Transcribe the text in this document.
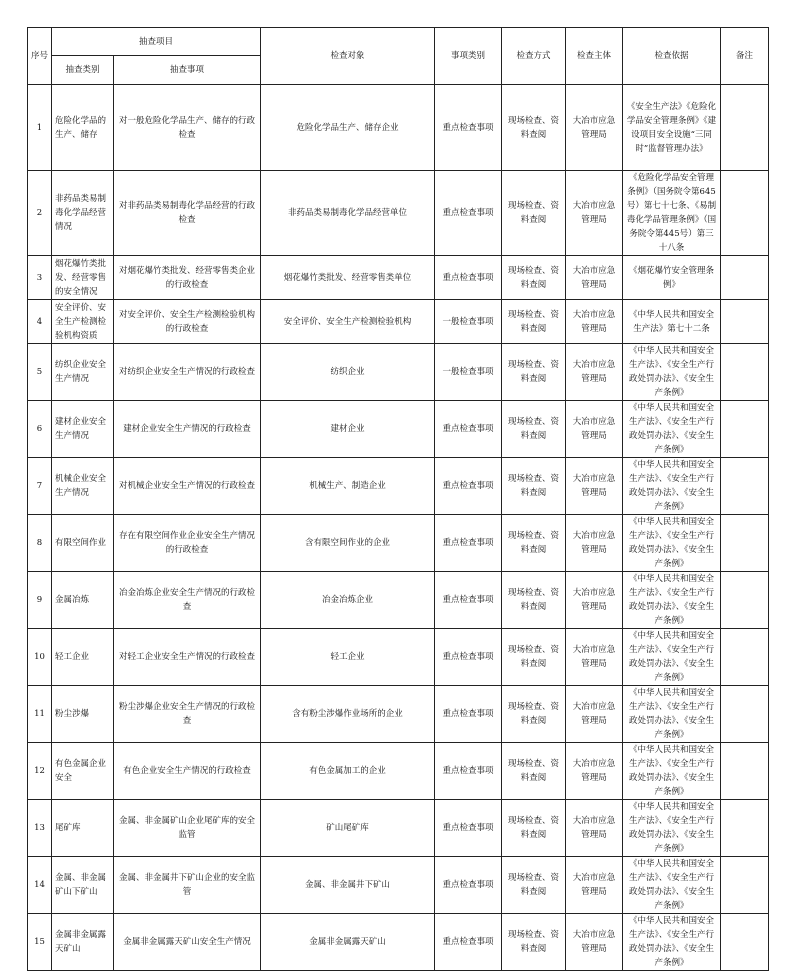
序号	抽查项目		检查对象	事项类别	检查方式	检查主体	检查依据	备注
	抽查类别	抽查事项						
1	危险化学品的生产、储存	对一般危险化学品生产、储存的行政检查	危险化学品生产、储存企业	重点检查事项	现场检查、资料查阅	大冶市应急管理局	《安全生产法》《危险化学品安全管理条例》《建设项目安全设施“三同时”监督管理办法》	
2	非药品类易制毒化学品经营情况	对非药品类易制毒化学品经营的行政检查	非药品类易制毒化学品经营单位	重点检查事项	现场检查、资料查阅	大冶市应急管理局	《危险化学品安全管理条例》（国务院令第645号）第七十七条、《易制毒化学品管理条例》（国务院令第445号）第三十八条	
3	烟花爆竹类批发、经营零售的安全情况	对烟花爆竹类批发、经营零售类企业的行政检查	烟花爆竹类批发、经营零售类单位	重点检查事项	现场检查、资料查阅	大冶市应急管理局	《烟花爆竹安全管理条例》	
4	安全评价、安全生产检测检验机构资质	对安全评价、安全生产检测检验机构的行政检查	安全评价、安全生产检测检验机构	一般检查事项	现场检查、资料查阅	大冶市应急管理局	《中华人民共和国安全生产法》第七十二条	
5	纺织企业安全生产情况	对纺织企业安全生产情况的行政检查	纺织企业	一般检查事项	现场检查、资料查阅	大冶市应急管理局	《中华人民共和国安全生产法》、《安全生产行政处罚办法》、《安全生产条例》	
6	建材企业安全生产情况	建材企业安全生产情况的行政检查	建材企业	重点检查事项	现场检查、资料查阅	大冶市应急管理局	《中华人民共和国安全生产法》、《安全生产行政处罚办法》、《安全生产条例》	
7	机械企业安全生产情况	对机械企业安全生产情况的行政检查	机械生产、制造企业	重点检查事项	现场检查、资料查阅	大冶市应急管理局	《中华人民共和国安全生产法》、《安全生产行政处罚办法》、《安全生产条例》	
8	有限空间作业	存在有限空间作业企业安全生产情况的行政检查	含有限空间作业的企业	重点检查事项	现场检查、资料查阅	大冶市应急管理局	《中华人民共和国安全生产法》、《安全生产行政处罚办法》、《安全生产条例》	
9	金属冶炼	冶金冶炼企业安全生产情况的行政检查	冶金冶炼企业	重点检查事项	现场检查、资料查阅	大冶市应急管理局	《中华人民共和国安全生产法》、《安全生产行政处罚办法》、《安全生产条例》	
10	轻工企业	对轻工企业安全生产情况的行政检查	轻工企业	重点检查事项	现场检查、资料查阅	大冶市应急管理局	《中华人民共和国安全生产法》、《安全生产行政处罚办法》、《安全生产条例》	
11	粉尘涉爆	粉尘涉爆企业安全生产情况的行政检查	含有粉尘涉爆作业场所的企业	重点检查事项	现场检查、资料查阅	大冶市应急管理局	《中华人民共和国安全生产法》、《安全生产行政处罚办法》、《安全生产条例》	
12	有色金属企业安全	有色企业安全生产情况的行政检查	有色金属加工的企业	重点检查事项	现场检查、资料查阅	大冶市应急管理局	《中华人民共和国安全生产法》、《安全生产行政处罚办法》、《安全生产条例》	
13	尾矿库	金属、非金属矿山企业尾矿库的安全监管	矿山尾矿库	重点检查事项	现场检查、资料查阅	大冶市应急管理局	《中华人民共和国安全生产法》、《安全生产行政处罚办法》、《安全生产条例》	
14	金属、非金属矿山下矿山	金属、非金属井下矿山企业的安全监管	金属、非金属井下矿山	重点检查事项	现场检查、资料查阅	大冶市应急管理局	《中华人民共和国安全生产法》、《安全生产行政处罚办法》、《安全生产条例》	
15	金属非金属露天矿山	金属非金属露天矿山安全生产情况	金属非金属露天矿山	重点检查事项	现场检查、资料查阅	大冶市应急管理局	《中华人民共和国安全生产法》、《安全生产行政处罚办法》、《安全生产条例》	
